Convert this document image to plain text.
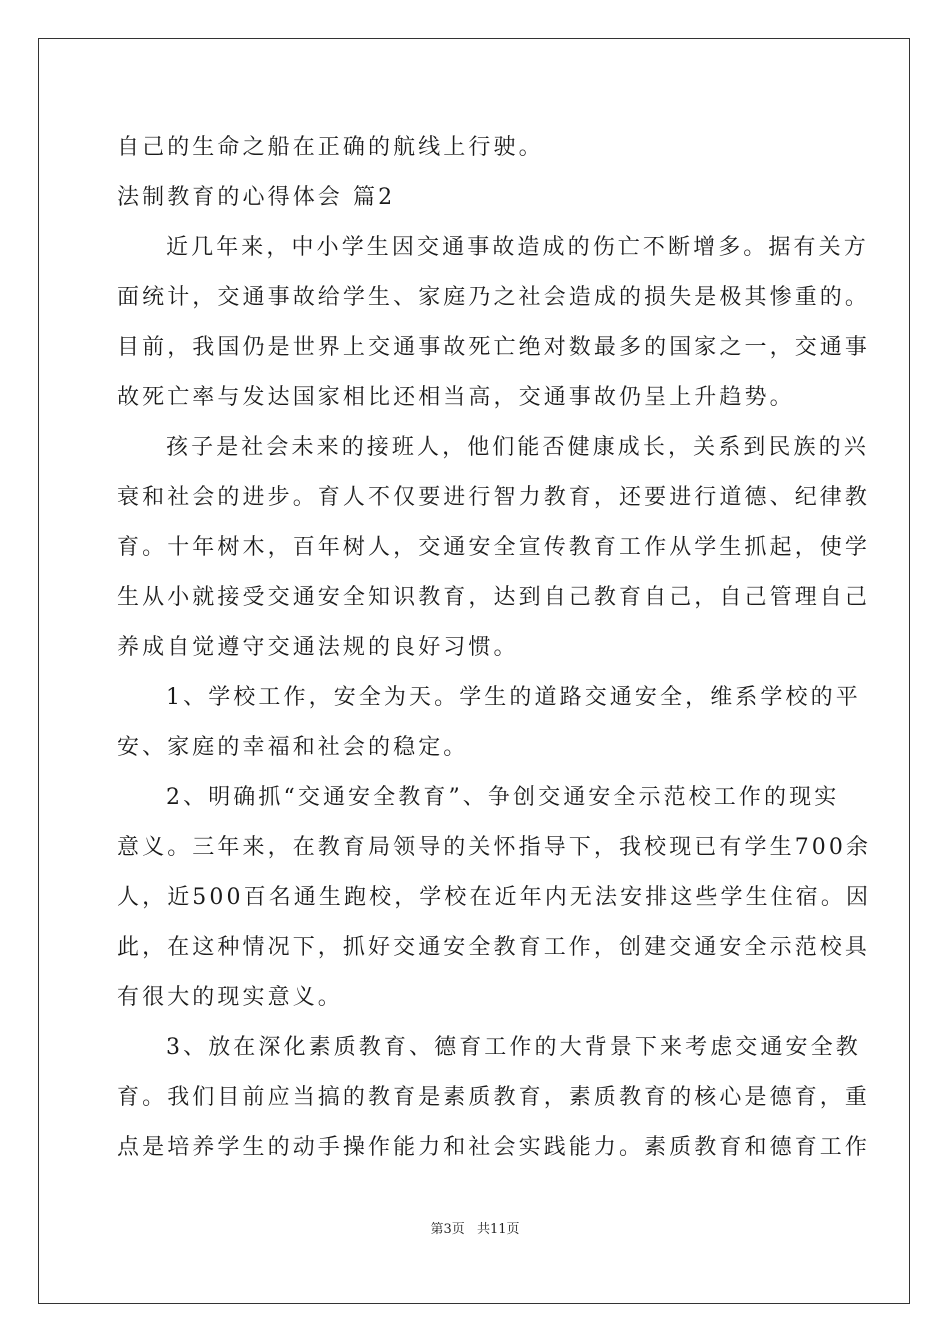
自己的生命之船在正确的航线上行驶。
法制教育的心得体会 篇2
近几年来，中小学生因交通事故造成的伤亡不断增多。据有关方
面统计，交通事故给学生、家庭乃之社会造成的损失是极其惨重的。
目前，我国仍是世界上交通事故死亡绝对数最多的国家之一，交通事
故死亡率与发达国家相比还相当高，交通事故仍呈上升趋势。
孩子是社会未来的接班人，他们能否健康成长，关系到民族的兴
衰和社会的进步。育人不仅要进行智力教育，还要进行道德、纪律教
育。十年树木，百年树人，交通安全宣传教育工作从学生抓起，使学
生从小就接受交通安全知识教育，达到自己教育自己，自己管理自己
养成自觉遵守交通法规的良好习惯。
1、学校工作，安全为天。学生的道路交通安全，维系学校的平
安、家庭的幸福和社会的稳定。
2、明确抓“交通安全教育”、争创交通安全示范校工作的现实
意义。三年来，在教育局领导的关怀指导下，我校现已有学生700余
人，近500百名通生跑校，学校在近年内无法安排这些学生住宿。因
此，在这种情况下，抓好交通安全教育工作，创建交通安全示范校具
有很大的现实意义。
3、放在深化素质教育、德育工作的大背景下来考虑交通安全教
育。我们目前应当搞的教育是素质教育，素质教育的核心是德育，重
点是培养学生的动手操作能力和社会实践能力。素质教育和德育工作
第3页 共11页
